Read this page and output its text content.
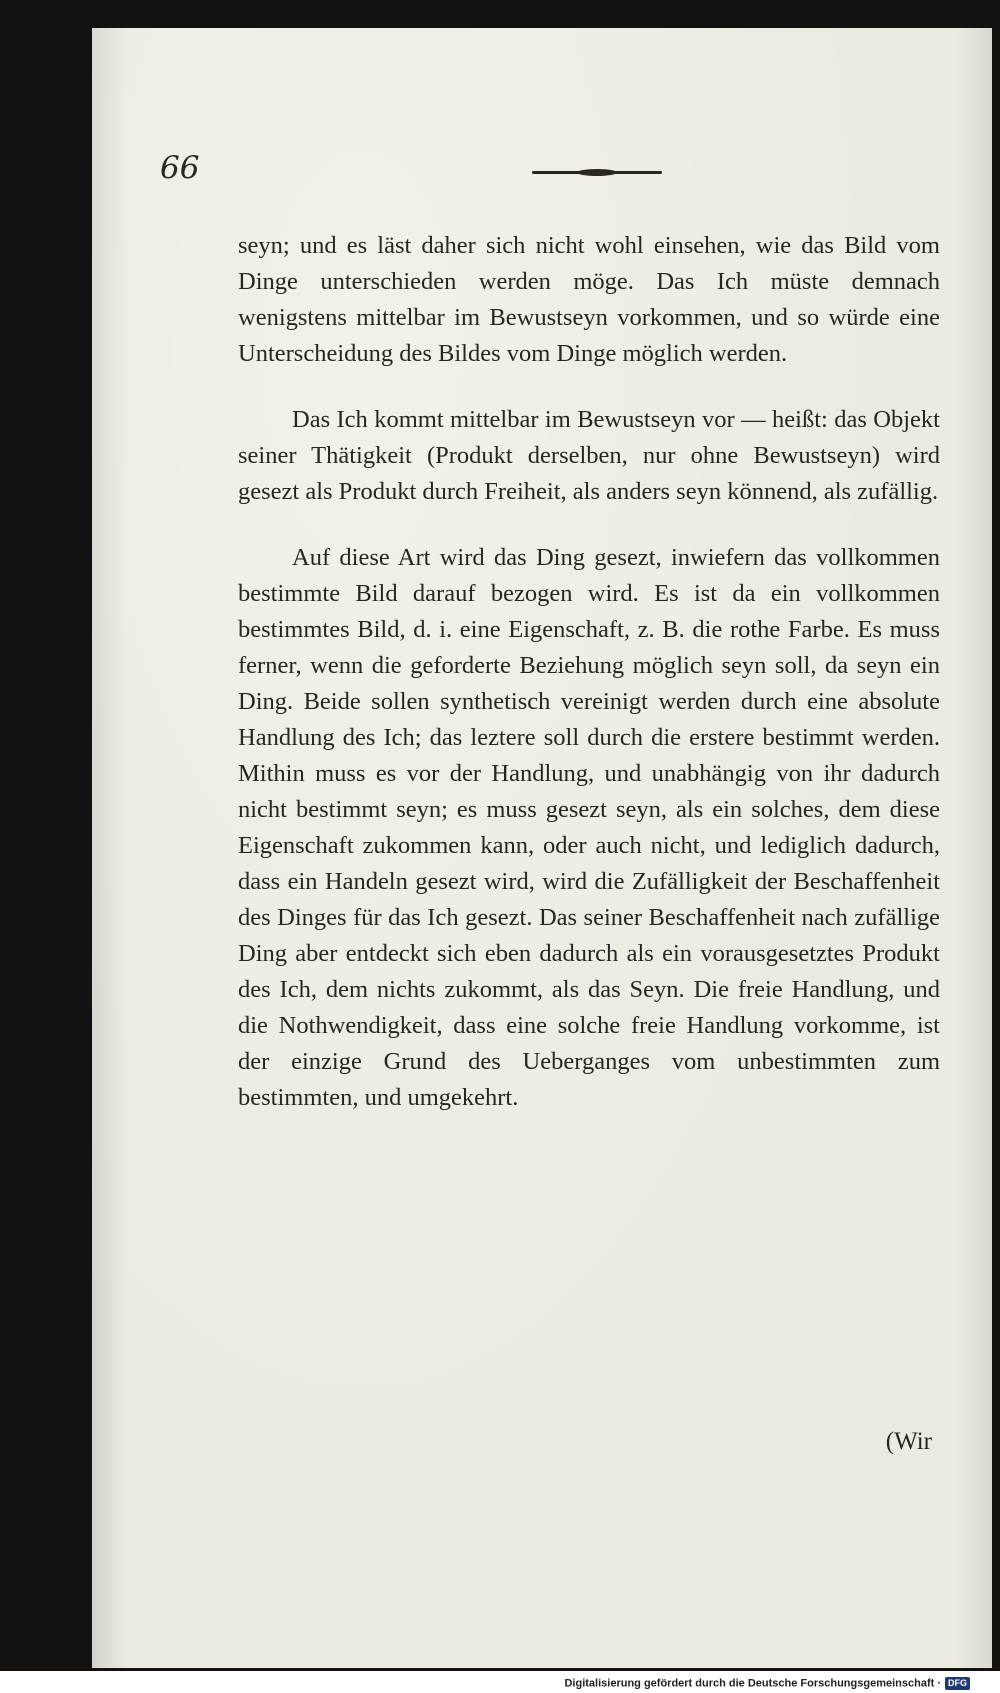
66

seyn; und es läst daher sich nicht wohl einsehen, wie das Bild vom Dinge unterschieden werden möge. Das Ich müste demnach wenigstens mittelbar im Bewustseyn vorkommen, und so würde eine Unterscheidung des Bildes vom Dinge möglich werden.

Das Ich kommt mittelbar im Bewustseyn vor — heißt: das Objekt seiner Thätigkeit (Produkt derselben, nur ohne Bewustseyn) wird gesezt als Produkt durch Freiheit, als anders seyn könnend, als zufällig.

Auf diese Art wird das Ding gesezt, inwiefern das vollkommen bestimmte Bild darauf bezogen wird. Es ist da ein vollkommen bestimmtes Bild, d. i. eine Eigenschaft, z. B. die rothe Farbe. Es muss ferner, wenn die geforderte Beziehung möglich seyn soll, da seyn ein Ding. Beide sollen synthetisch vereinigt werden durch eine absolute Handlung des Ich; das leztere soll durch die erstere bestimmt werden. Mithin muss es vor der Handlung, und unabhängig von ihr dadurch nicht bestimmt seyn; es muss gesezt seyn, als ein solches, dem diese Eigenschaft zukommen kann, oder auch nicht, und lediglich dadurch, dass ein Handeln gesezt wird, wird die Zufälligkeit der Beschaffenheit des Dinges für das Ich gesezt. Das seiner Beschaffenheit nach zufällige Ding aber entdeckt sich eben dadurch als ein vorausgesetztes Produkt des Ich, dem nichts zukommt, als das Seyn. Die freie Handlung, und die Nothwendigkeit, dass eine solche freie Handlung vorkomme, ist der einzige Grund des Ueberganges vom unbestimmten zum bestimmten, und umgekehrt.

(Wir
Digitalisierung gefördert durch die Deutsche Forschungsgemeinschaft · DFG
